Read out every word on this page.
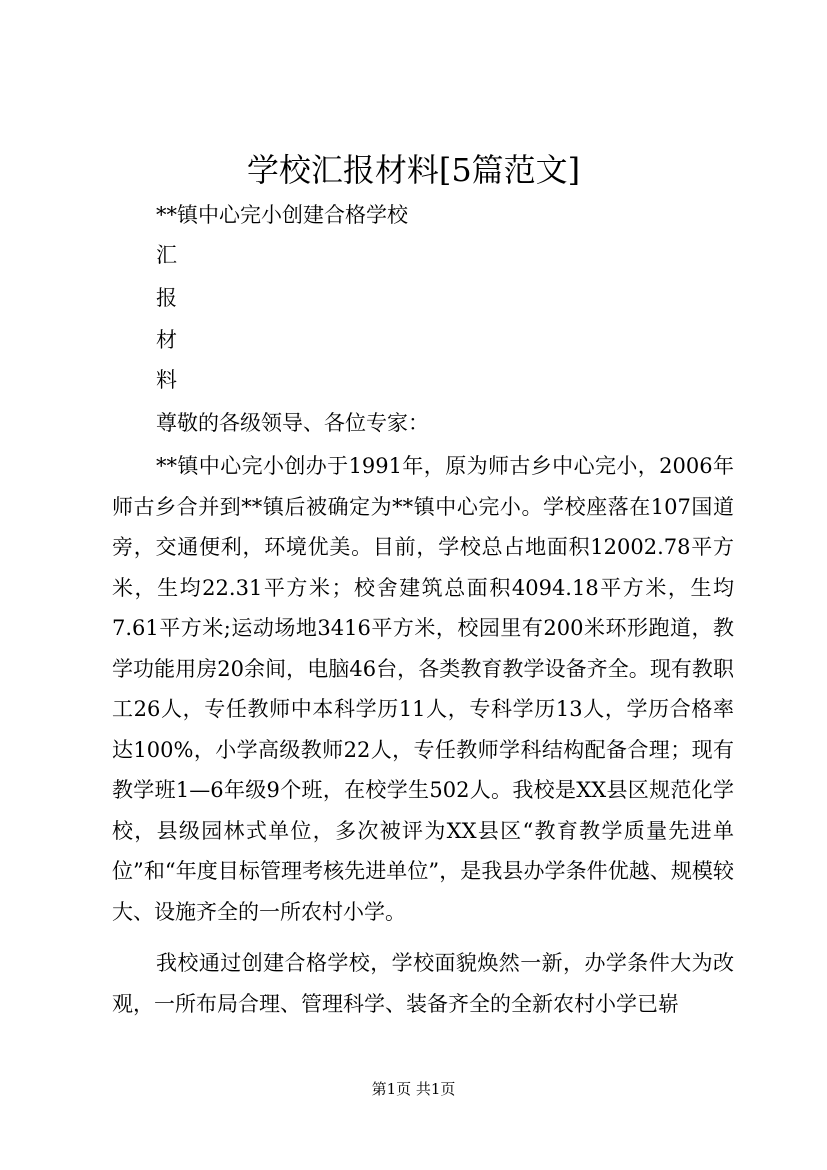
学校汇报材料[5篇范文]
**镇中心完小创建合格学校
汇
报
材
料
尊敬的各级领导、各位专家：
**镇中心完小创办于1991年，原为师古乡中心完小，2006年师古乡合并到**镇后被确定为**镇中心完小。学校座落在107国道旁，交通便利，环境优美。目前，学校总占地面积12002.78平方米，生均22.31平方米；校舍建筑总面积4094.18平方米，生均7.61平方米;运动场地3416平方米，校园里有200米环形跑道，教学功能用房20余间，电脑46台，各类教育教学设备齐全。现有教职工26人，专任教师中本科学历11人，专科学历13人，学历合格率达100%，小学高级教师22人，专任教师学科结构配备合理；现有教学班1—6年级9个班，在校学生502人。我校是XX县区规范化学校，县级园林式单位，多次被评为XX县区“教育教学质量先进单位”和“年度目标管理考核先进单位”，是我县办学条件优越、规模较大、设施齐全的一所农村小学。
我校通过创建合格学校，学校面貌焕然一新，办学条件大为改观，一所布局合理、管理科学、装备齐全的全新农村小学已崭
第1页 共1页
